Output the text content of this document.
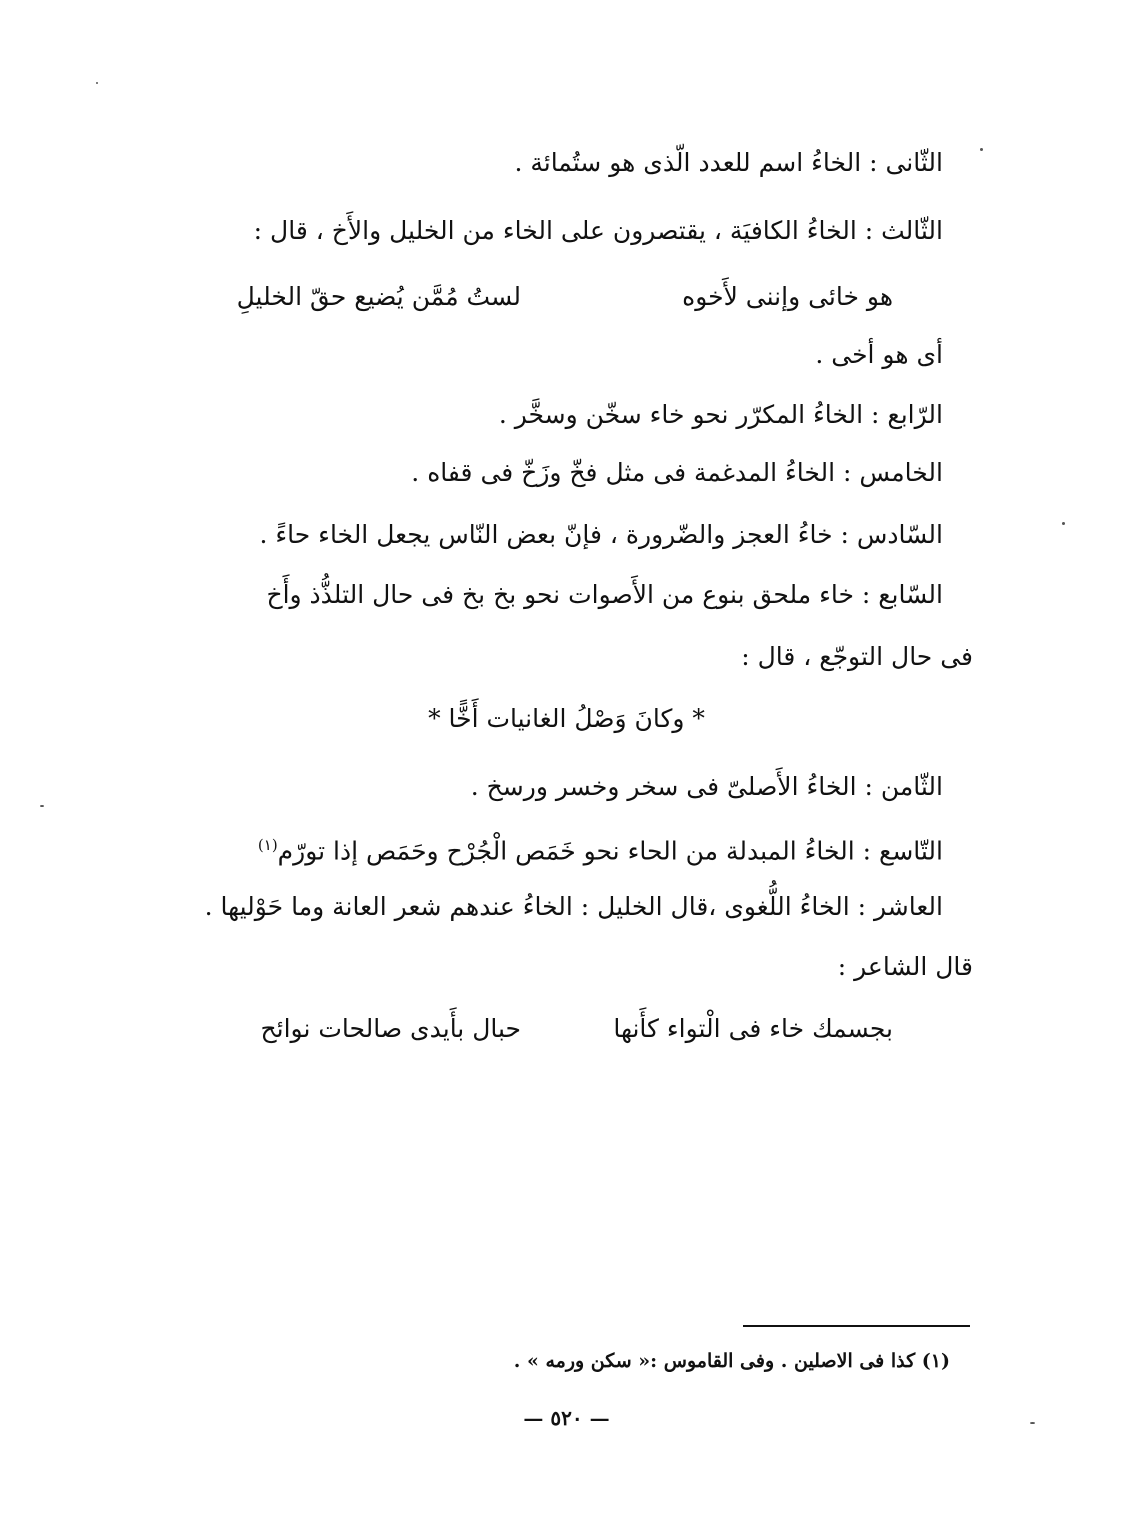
الثّانى : الخاءُ اسم للعدد الّذى هو ستُمائة .
الثّالث : الخاءُ الكافيَة ، يقتصرون على الخاء من الخليل والأَخ ، قال :
هو خائى وإننى لأَخوه
لستُ مُمَّن يُضيع حقّ الخليلِ
أى هو أخى .
الرّابع : الخاءُ المكرّر نحو خاء سخّن وسخَّر .
الخامس : الخاءُ المدغمة فى مثل فخّ وزَخّ فى قفاه .
السّادس : خاءُ العجز والضّرورة ، فإنّ بعض النّاس يجعل الخاء حاءً .
السّابع : خاء ملحق بنوع من الأَصوات نحو بخ بخ فى حال التلذُّذ وأَخ
فى حال التوجّع ، قال :
* وكانَ وَصْلُ الغانيات أَخًّا *
الثّامن : الخاءُ الأَصلىّ فى سخر وخسر ورسخ .
التّاسع : الخاءُ المبدلة من الحاء نحو خَمَص الْجُرْح وحَمَص إذا تورّم$^{(١)}$
العاشر : الخاءُ اللُّغوى ،قال الخليل : الخاءُ عندهم شعر العانة وما حَوْليها .
قال الشاعر :
بجسمك خاء فى الْتواء كأَنها
حبال بأَيدى صالحات نوائح
(١) كذا فى الاصلين . وفى القاموس :« سكن ورمه » .
— ٥٢٠ —
